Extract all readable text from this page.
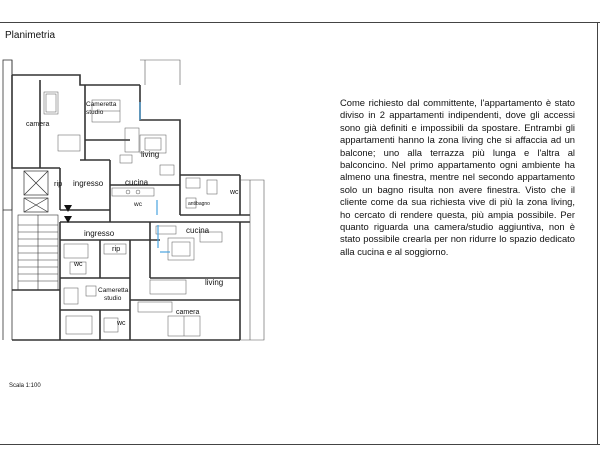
Planimetria
camera
Cameretta
studio
living
rip ingresso	cucina
wc	antibagno
wc
ingresso
rip
cucina
wc
living
Cameretta
studio
wc
camera
Scala 1:100

Come richiesto dal committente, l'appartamento è stato diviso in 2 appartamenti indipendenti, dove gli accessi sono già definiti e impossibili da spostare. Entrambi gli appartamenti hanno la zona living che si affaccia ad un balcone; uno alla terrazza più lunga e l'altra al balconcino. Nel primo appartamento ogni ambiente ha almeno una finestra, mentre nel secondo appartamento solo un bagno risulta non avere finestra. Visto che il cliente come da sua richiesta vive di più la zona living, ho cercato di rendere questa, più ampia possibile. Per quanto riguarda una camera/studio aggiuntiva, non è stato possibile crearla per non ridurre lo spazio dedicato alla cucina e al soggiorno.
